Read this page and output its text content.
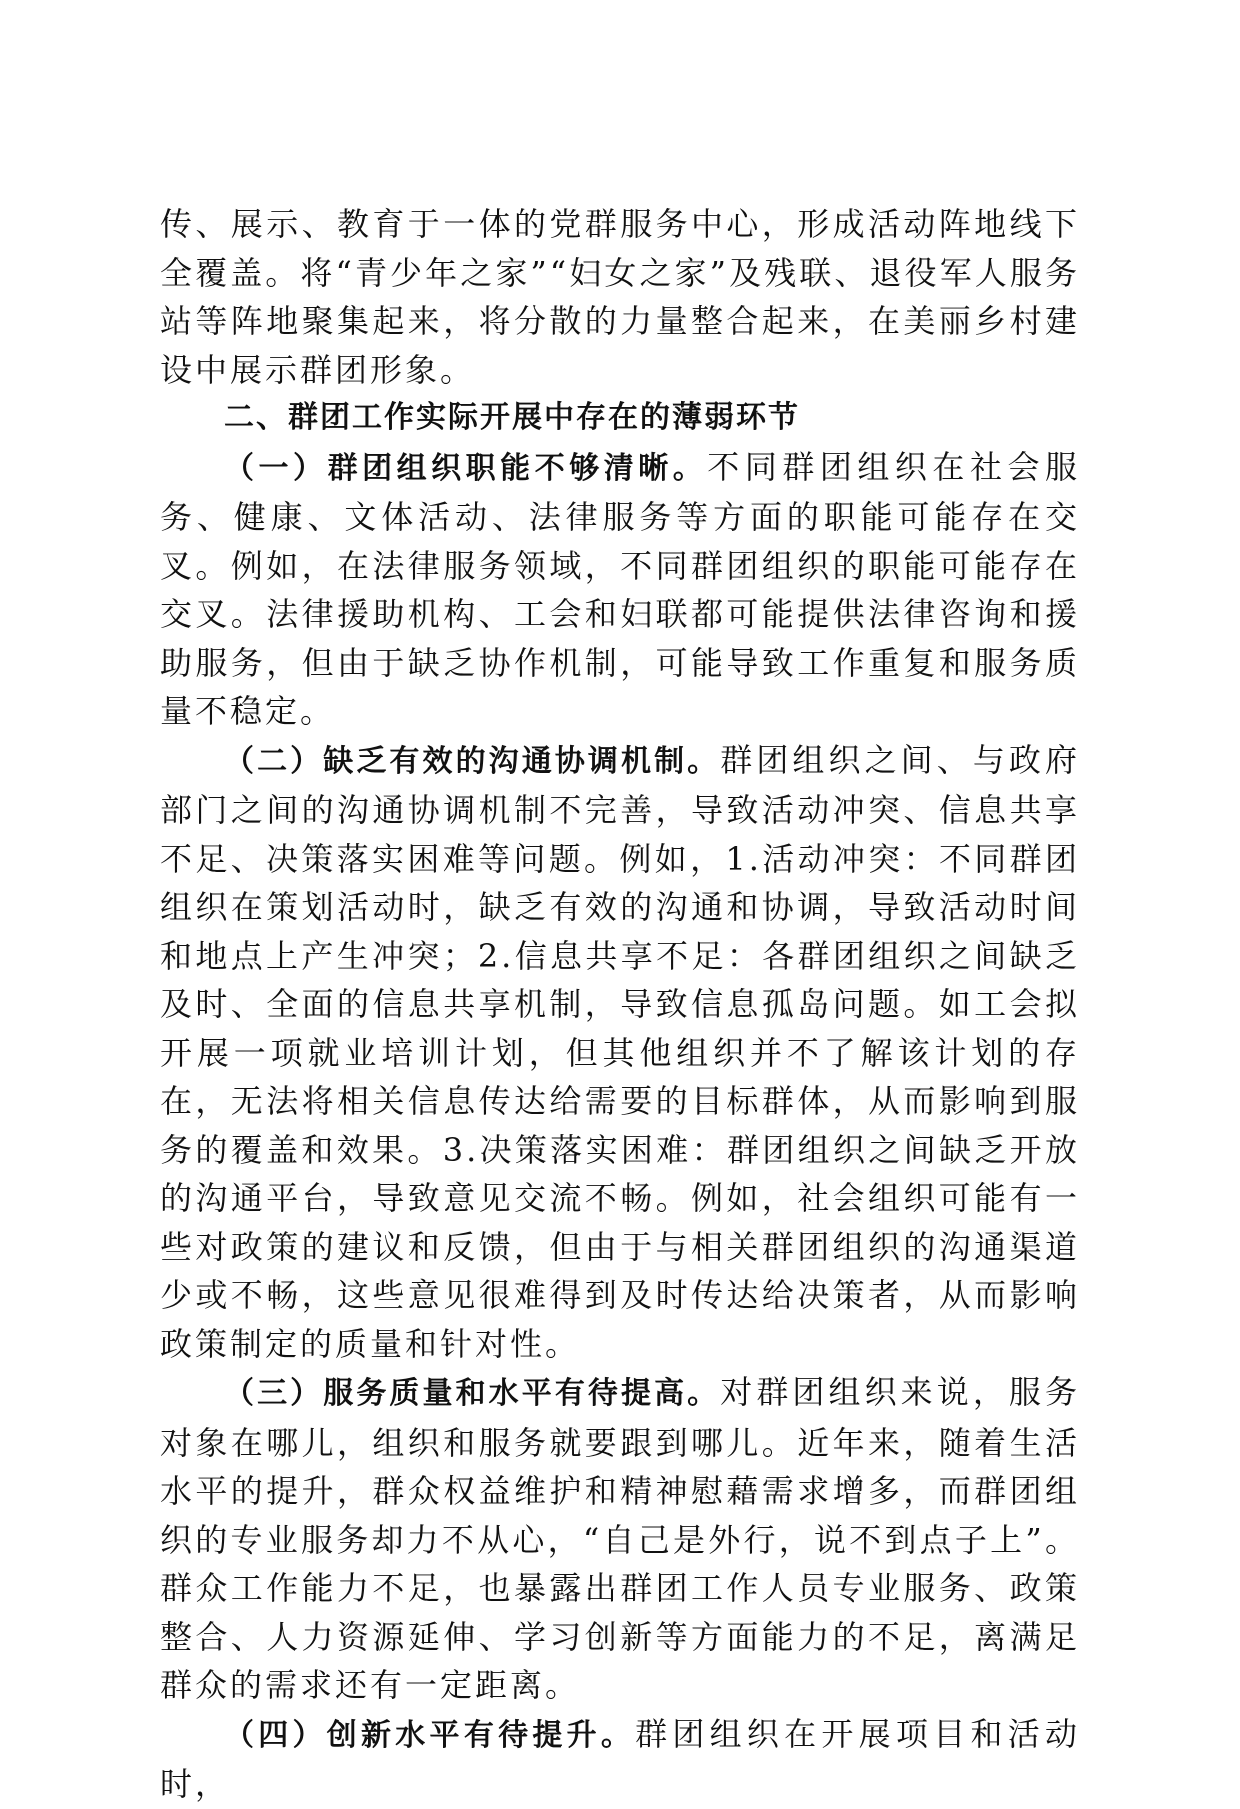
传、展示、教育于一体的党群服务中心，形成活动阵地线下全覆盖。将“青少年之家”“妇女之家”及残联、退役军人服务站等阵地聚集起来，将分散的力量整合起来，在美丽乡村建设中展示群团形象。

二、群团工作实际开展中存在的薄弱环节

（一）群团组织职能不够清晰。不同群团组织在社会服务、健康、文体活动、法律服务等方面的职能可能存在交叉。例如，在法律服务领域，不同群团组织的职能可能存在交叉。法律援助机构、工会和妇联都可能提供法律咨询和援助服务，但由于缺乏协作机制，可能导致工作重复和服务质量不稳定。

（二）缺乏有效的沟通协调机制。群团组织之间、与政府部门之间的沟通协调机制不完善，导致活动冲突、信息共享不足、决策落实困难等问题。例如，1.活动冲突：不同群团组织在策划活动时，缺乏有效的沟通和协调，导致活动时间和地点上产生冲突；2.信息共享不足：各群团组织之间缺乏及时、全面的信息共享机制，导致信息孤岛问题。如工会拟开展一项就业培训计划，但其他组织并不了解该计划的存在，无法将相关信息传达给需要的目标群体，从而影响到服务的覆盖和效果。3.决策落实困难：群团组织之间缺乏开放的沟通平台，导致意见交流不畅。例如，社会组织可能有一些对政策的建议和反馈，但由于与相关群团组织的沟通渠道少或不畅，这些意见很难得到及时传达给决策者，从而影响政策制定的质量和针对性。

（三）服务质量和水平有待提高。对群团组织来说，服务对象在哪儿，组织和服务就要跟到哪儿。近年来，随着生活水平的提升，群众权益维护和精神慰藉需求增多，而群团组织的专业服务却力不从心，“自己是外行，说不到点子上”。群众工作能力不足，也暴露出群团工作人员专业服务、政策整合、人力资源延伸、学习创新等方面能力的不足，离满足群众的需求还有一定距离。

（四）创新水平有待提升。群团组织在开展项目和活动时，
